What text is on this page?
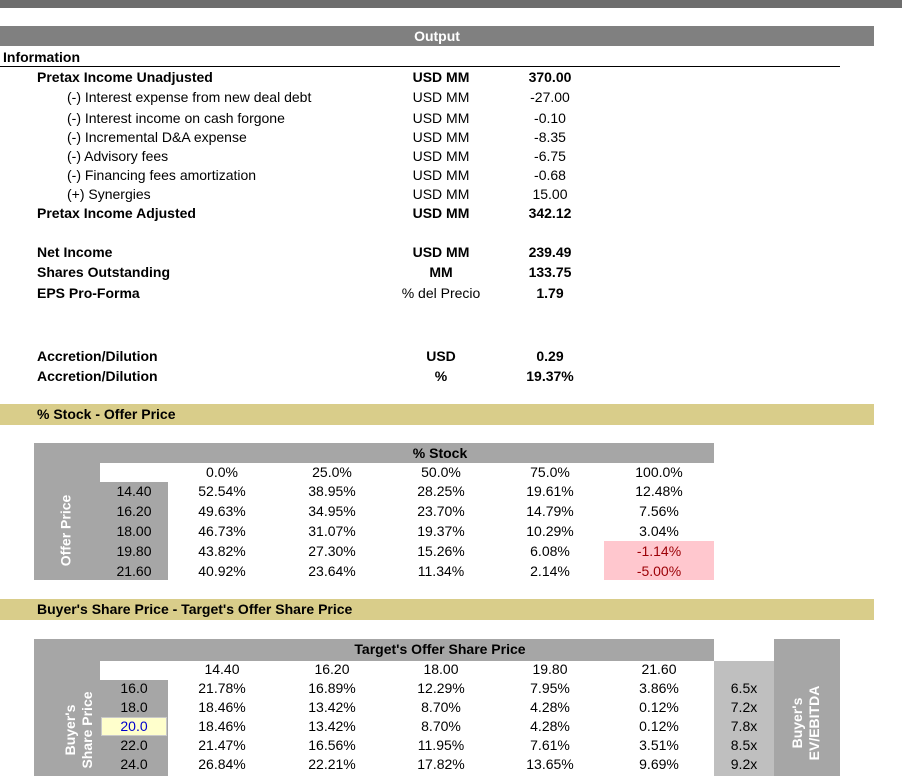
Output
Information
Pretax Income Unadjusted	USD MM	370.00
(-) Interest expense from new deal debt	USD MM	-27.00
(-) Interest income on cash forgone	USD MM	-0.10
(-) Incremental D&A expense	USD MM	-8.35
(-) Advisory fees	USD MM	-6.75
(-) Financing fees amortization	USD MM	-0.68
(+) Synergies	USD MM	15.00
Pretax Income Adjusted	USD MM	342.12
Net Income	USD MM	239.49
Shares Outstanding	MM	133.75
EPS Pro-Forma	% del Precio	1.79
Accretion/Dilution	USD	0.29
Accretion/Dilution	%	19.37%
% Stock - Offer Price
% Stock
Offer Price
0.0%	25.0%	50.0%	75.0%	100.0%
14.40	52.54%	38.95%	28.25%	19.61%	12.48%
16.20	49.63%	34.95%	23.70%	14.79%	7.56%
18.00	46.73%	31.07%	19.37%	10.29%	3.04%
19.80	43.82%	27.30%	15.26%	6.08%	-1.14%
21.60	40.92%	23.64%	11.34%	2.14%	-5.00%
Buyer's Share Price - Target's Offer Share Price
Target's Offer Share Price
Buyer's Share Price	Buyer's EV/EBITDA
14.40	16.20	18.00	19.80	21.60
16.0	21.78%	16.89%	12.29%	7.95%	3.86%	6.5x
18.0	18.46%	13.42%	8.70%	4.28%	0.12%	7.2x
20.0	18.46%	13.42%	8.70%	4.28%	0.12%	7.8x
22.0	21.47%	16.56%	11.95%	7.61%	3.51%	8.5x
24.0	26.84%	22.21%	17.82%	13.65%	9.69%	9.2x
